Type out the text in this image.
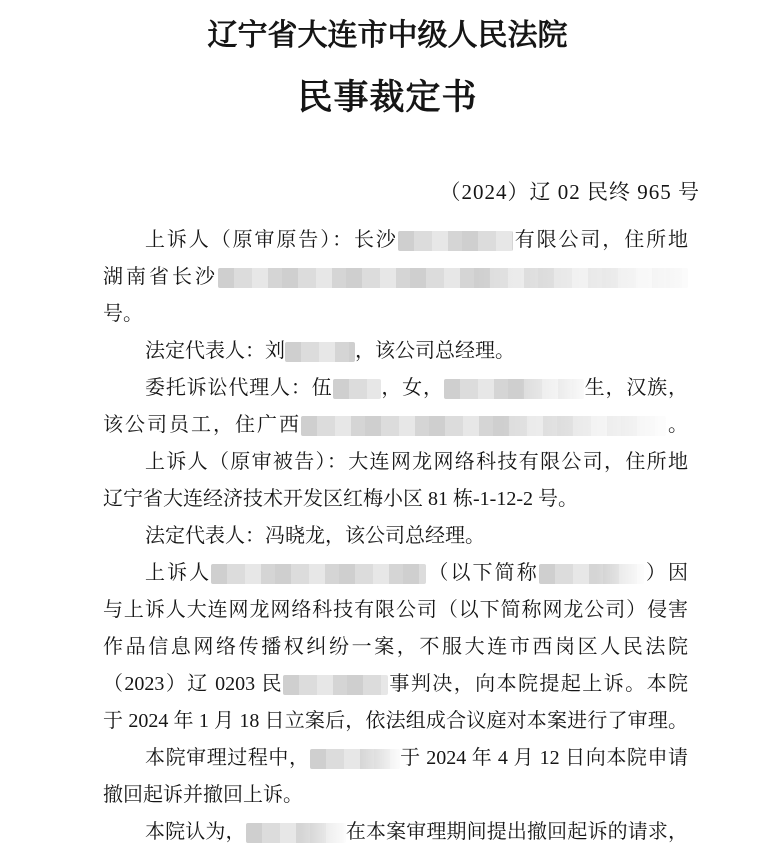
辽宁省大连市中级人民法院
民事裁定书
（2024）辽 02 民终 965 号
上诉人（原审原告）：长沙	有限公司，住所地
湖南省长沙
号。
法定代表人：刘	，该公司总经理。
委托诉讼代理人：伍 ，女，	生，汉族，
该公司员工，住广西	。
上诉人（原审被告）：大连网龙网络科技有限公司，住所地
辽宁省大连经济技术开发区红梅小区 81 栋-1-12-2 号。
法定代表人：冯晓龙，该公司总经理。
上诉人	（以下简称	）因
与上诉人大连网龙网络科技有限公司（以下简称网龙公司）侵害
作品信息网络传播权纠纷一案，不服大连市西岗区人民法院
（2023）辽 0203 民	事判决，向本院提起上诉。本院
于 2024 年 1 月 18 日立案后，依法组成合议庭对本案进行了审理。
本院审理过程中，	于 2024 年 4 月 12 日向本院申请
撤回起诉并撤回上诉。
本院认为，	在本案审理期间提出撤回起诉的请求，
